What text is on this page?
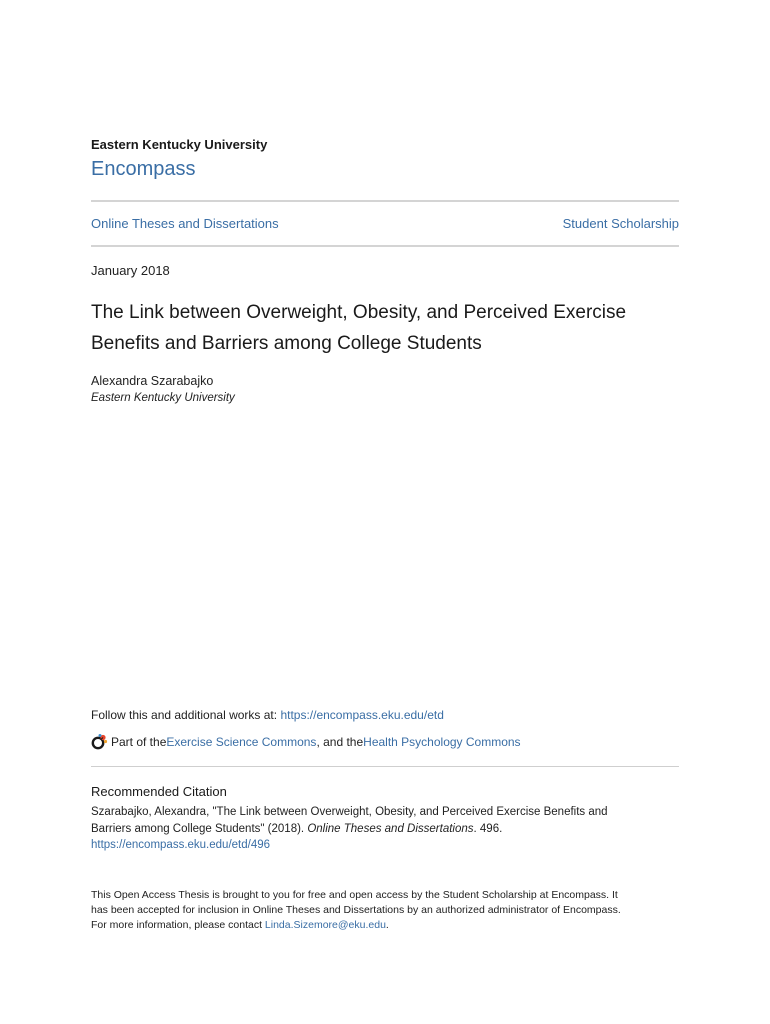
Eastern Kentucky University
Encompass
Online Theses and Dissertations	Student Scholarship
January 2018
The Link between Overweight, Obesity, and Perceived Exercise
Benefits and Barriers among College Students
Alexandra Szarabajko
Eastern Kentucky University
Follow this and additional works at: https://encompass.eku.edu/etd
Part of the Exercise Science Commons , and the Health Psychology Commons
Recommended Citation
Szarabajko, Alexandra, "The Link between Overweight, Obesity, and Perceived Exercise Benefits and
Barriers among College Students" (2018). Online Theses and Dissertations. 496.
https://encompass.eku.edu/etd/496
This Open Access Thesis is brought to you for free and open access by the Student Scholarship at Encompass. It
has been accepted for inclusion in Online Theses and Dissertations by an authorized administrator of Encompass.
For more information, please contact Linda.Sizemore@eku.edu.
